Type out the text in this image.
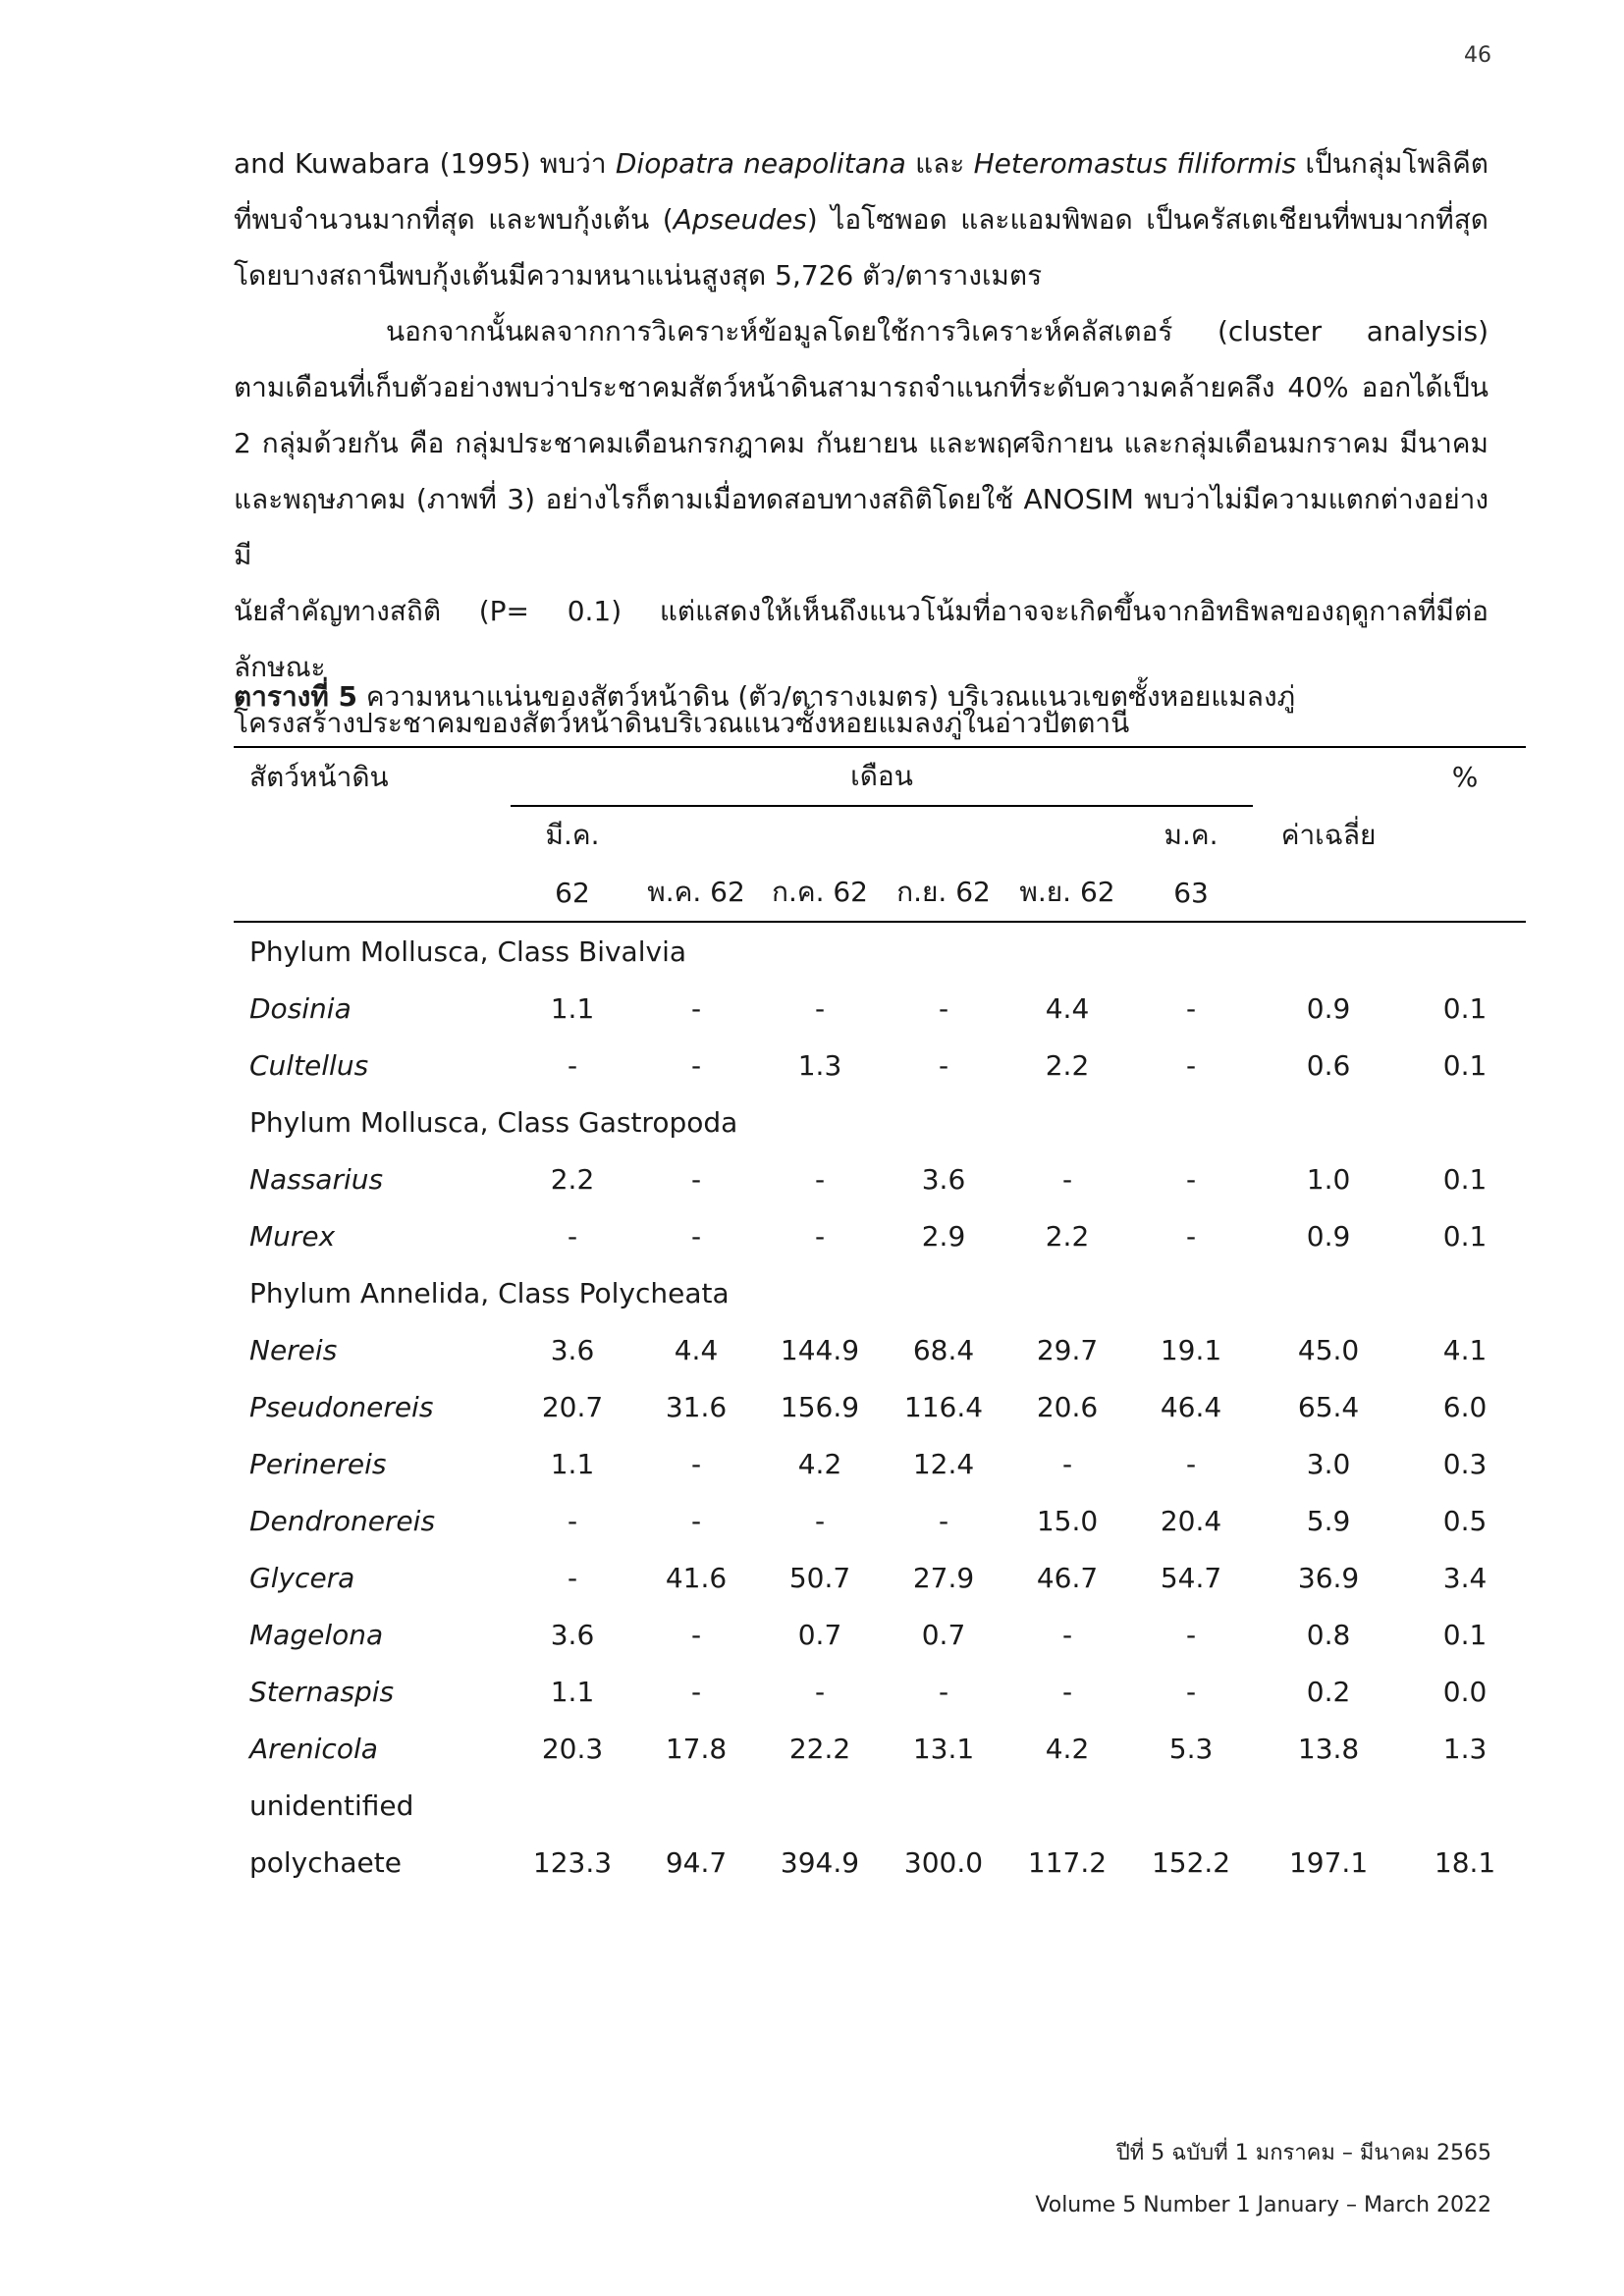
46

and Kuwabara (1995) พบว่า Diopatra neapolitana และ Heteromastus filiformis เป็นกลุ่มโพลิคีต

ที่พบจำนวนมากที่สุด และพบกุ้งเต้น (Apseudes) ไอโซพอด และแอมพิพอด เป็นครัสเตเชียนที่พบมากที่สุด

โดยบางสถานีพบกุ้งเต้นมีความหนาแน่นสูงสุด 5,726 ตัว/ตารางเมตร

นอกจากนั้นผลจากการวิเคราะห์ข้อมูลโดยใช้การวิเคราะห์คลัสเตอร์ (cluster analysis)

ตามเดือนที่เก็บตัวอย่างพบว่าประชาคมสัตว์หน้าดินสามารถจำแนกที่ระดับความคล้ายคลึง 40% ออกได้เป็น

2 กลุ่มด้วยกัน คือ กลุ่มประชาคมเดือนกรกฎาคม กันยายน และพฤศจิกายน และกลุ่มเดือนมกราคม มีนาคม

และพฤษภาคม (ภาพที่ 3) อย่างไรก็ตามเมื่อทดสอบทางสถิติโดยใช้ ANOSIM พบว่าไม่มีความแตกต่างอย่างมี

นัยสำคัญทางสถิติ (P= 0.1) แต่แสดงให้เห็นถึงแนวโน้มที่อาจจะเกิดขึ้นจากอิทธิพลของฤดูกาลที่มีต่อลักษณะ

โครงสร้างประชาคมของสัตว์หน้าดินบริเวณแนวซั้งหอยแมลงภู่ในอ่าวปัตตานี

ตารางที่ 5 ความหนาแน่นของสัตว์หน้าดิน (ตัว/ตารางเมตร) บริเวณแนวเขตซั้งหอยแมลงภู่
สัตว์หน้าดิน	เดือน							%
	มี.ค.					ม.ค.	ค่าเฉลี่ย	
	62	พ.ค. 62	ก.ค. 62	ก.ย. 62	พ.ย. 62	63		
Phylum Mollusca, Class Bivalvia								
Dosinia	1.1	-	-	-	4.4	-	0.9	0.1
Cultellus	-	-	1.3	-	2.2	-	0.6	0.1
Phylum Mollusca, Class Gastropoda								
Nassarius	2.2	-	-	3.6	-	-	1.0	0.1
Murex	-	-	-	2.9	2.2	-	0.9	0.1
Phylum Annelida, Class Polycheata								
Nereis	3.6	4.4	144.9	68.4	29.7	19.1	45.0	4.1
Pseudonereis	20.7	31.6	156.9	116.4	20.6	46.4	65.4	6.0
Perinereis	1.1	-	4.2	12.4	-	-	3.0	0.3
Dendronereis	-	-	-	-	15.0	20.4	5.9	0.5
Glycera	-	41.6	50.7	27.9	46.7	54.7	36.9	3.4
Magelona	3.6	-	0.7	0.7	-	-	0.8	0.1
Sternaspis	1.1	-	-	-	-	-	0.2	0.0
Arenicola	20.3	17.8	22.2	13.1	4.2	5.3	13.8	1.3
unidentified								
polychaete	123.3	94.7	394.9	300.0	117.2	152.2	197.1	18.1
ปีที่ 5 ฉบับที่ 1 มกราคม – มีนาคม 2565
Volume 5 Number 1 January – March 2022
